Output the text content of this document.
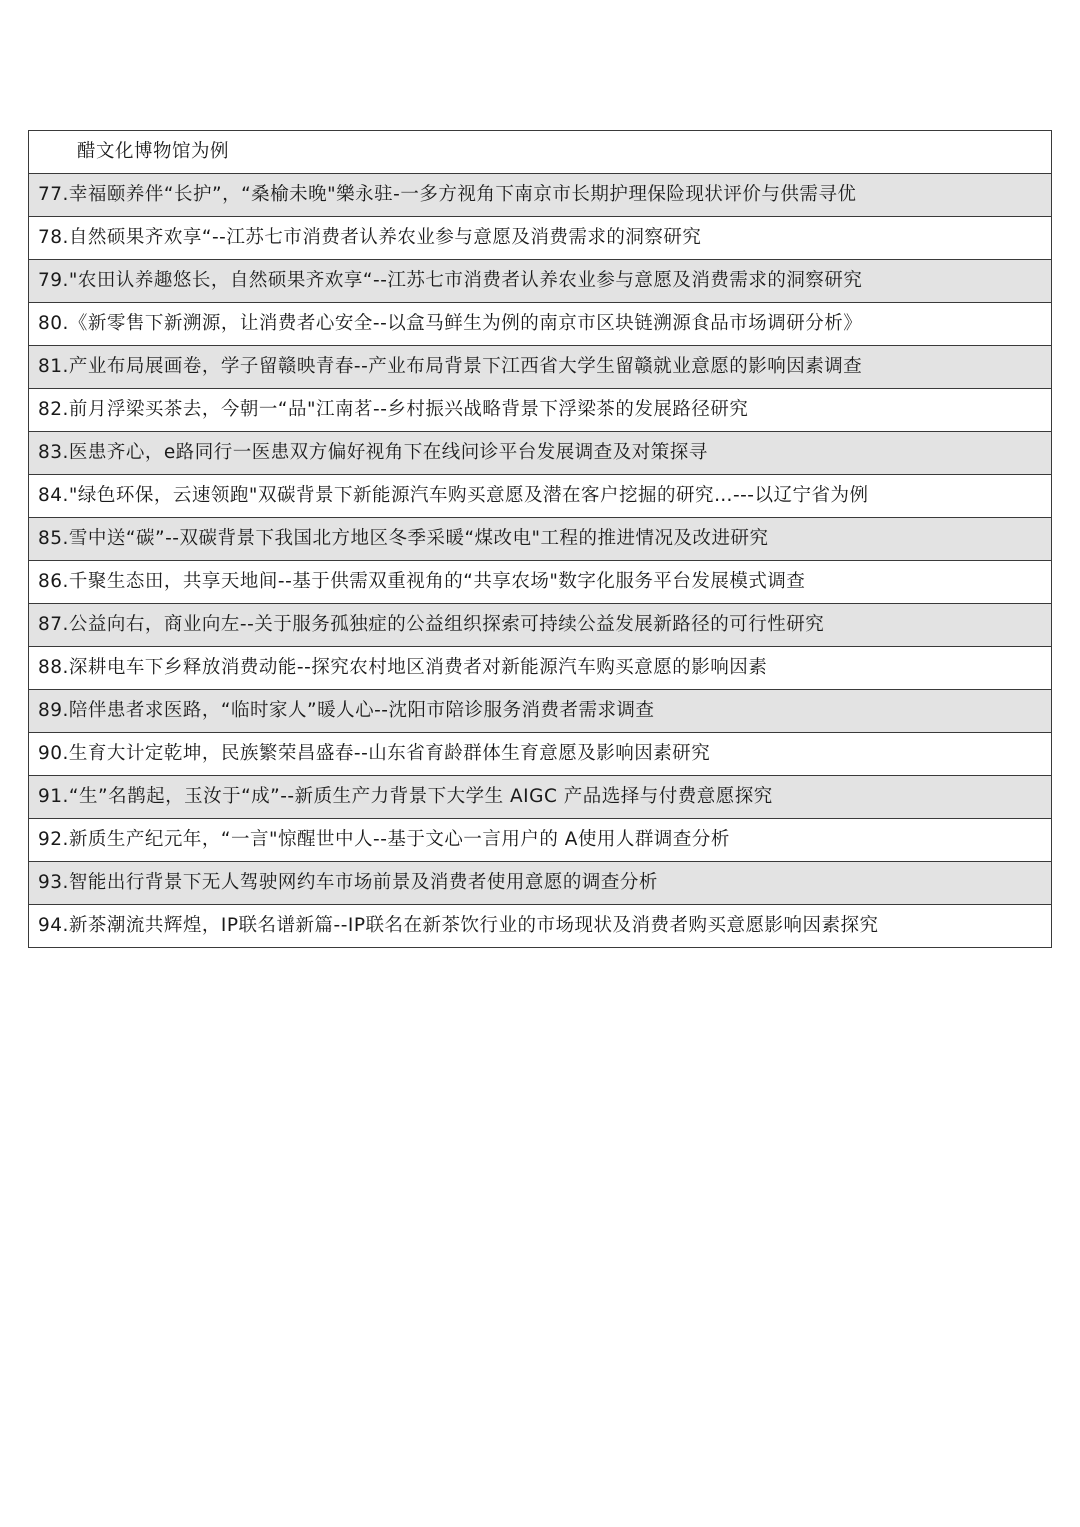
醋文化博物馆为例
77.幸福颐养伴“长护”，“桑榆未晚"樂永驻-一多方视角下南京市长期护理保险现状评价与供需寻优
78.自然硕果齐欢享“--江苏七市消费者认养农业参与意愿及消费需求的洞察研究
79."农田认养趣悠长，自然硕果齐欢享“--江苏七市消费者认养农业参与意愿及消费需求的洞察研究
80.《新零售下新溯源，让消费者心安全--以盒马鲜生为例的南京市区块链溯源食品市场调研分析》
81.产业布局展画卷，学子留赣映青春--产业布局背景下江西省大学生留赣就业意愿的影响因素调查
82.前月浮梁买茶去，今朝一“品"江南茗--乡村振兴战略背景下浮梁茶的发展路径研究
83.医患齐心，e路同行一医患双方偏好视角下在线问诊平台发展调查及对策探寻
84."绿色环保，云速领跑"双碳背景下新能源汽车购买意愿及潜在客户挖掘的研究…---以辽宁省为例
85.雪中送“碳”--双碳背景下我国北方地区冬季采暖“煤改电"工程的推进情况及改进研究
86.千聚生态田，共享天地间--基于供需双重视角的“共享农场"数字化服务平台发展模式调查
87.公益向右，商业向左--关于服务孤独症的公益组织探索可持续公益发展新路径的可行性研究
88.深耕电车下乡释放消费动能--探究农村地区消费者对新能源汽车购买意愿的影响因素
89.陪伴患者求医路，“临时家人”暖人心--沈阳市陪诊服务消费者需求调查
90.生育大计定乾坤，民族繁荣昌盛春--山东省育龄群体生育意愿及影响因素研究
91.“生”名鹊起，玉汝于“成”--新质生产力背景下大学生 AIGC 产品选择与付费意愿探究
92.新质生产纪元年，“一言"惊醒世中人--基于文心一言用户的 A使用人群调查分析
93.智能出行背景下无人驾驶网约车市场前景及消费者使用意愿的调查分析
94.新茶潮流共辉煌，IP联名谱新篇--IP联名在新茶饮行业的市场现状及消费者购买意愿影响因素探究
